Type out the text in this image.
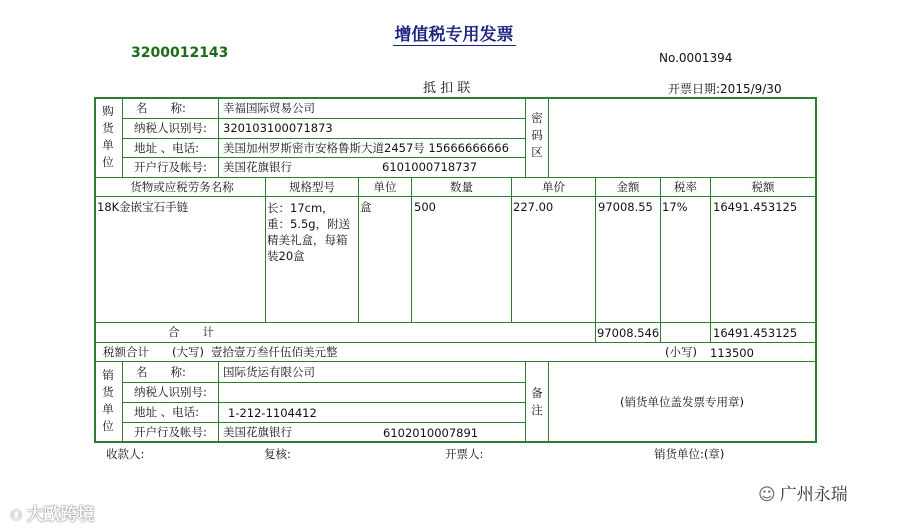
增值税专用发票
3200012143	No.0001394
抵 扣 联	开票日期:2015/9/30
购货单位
名　　称:	幸福国际贸易公司
纳税人识别号: 320103100071873
地址 、电话: 美国加州罗斯密市安格鲁斯大道2457号 15666666666
开户行及帐号: 美国花旗银行	6101000718737
密码区
货物或应税劳务名称	规格型号	单位	数量	单价	金额	税率	税额
18K金嵌宝石手链	长：17cm，
重：5.5g，附送
精美礼盒，每箱
装20盒
盒	500	227.00	97008.55 17% 16491.453125
合　　计	97008.546	16491.453125
税额合计 (大写) 壹拾壹万叁仟伍佰美元整	(小写) 113500
销货单位
名　　称:	国际货运有限公司
纳税人识别号:
地址 、电话:	1-212-1104412
开户行及帐号: 美国花旗银行	6102010007891
备注
(销货单位盖发票专用章)
收款人:	复核:	开票人:	销货单位:(章)
⚇ 大歐跨境
☺ 广州永瑞
